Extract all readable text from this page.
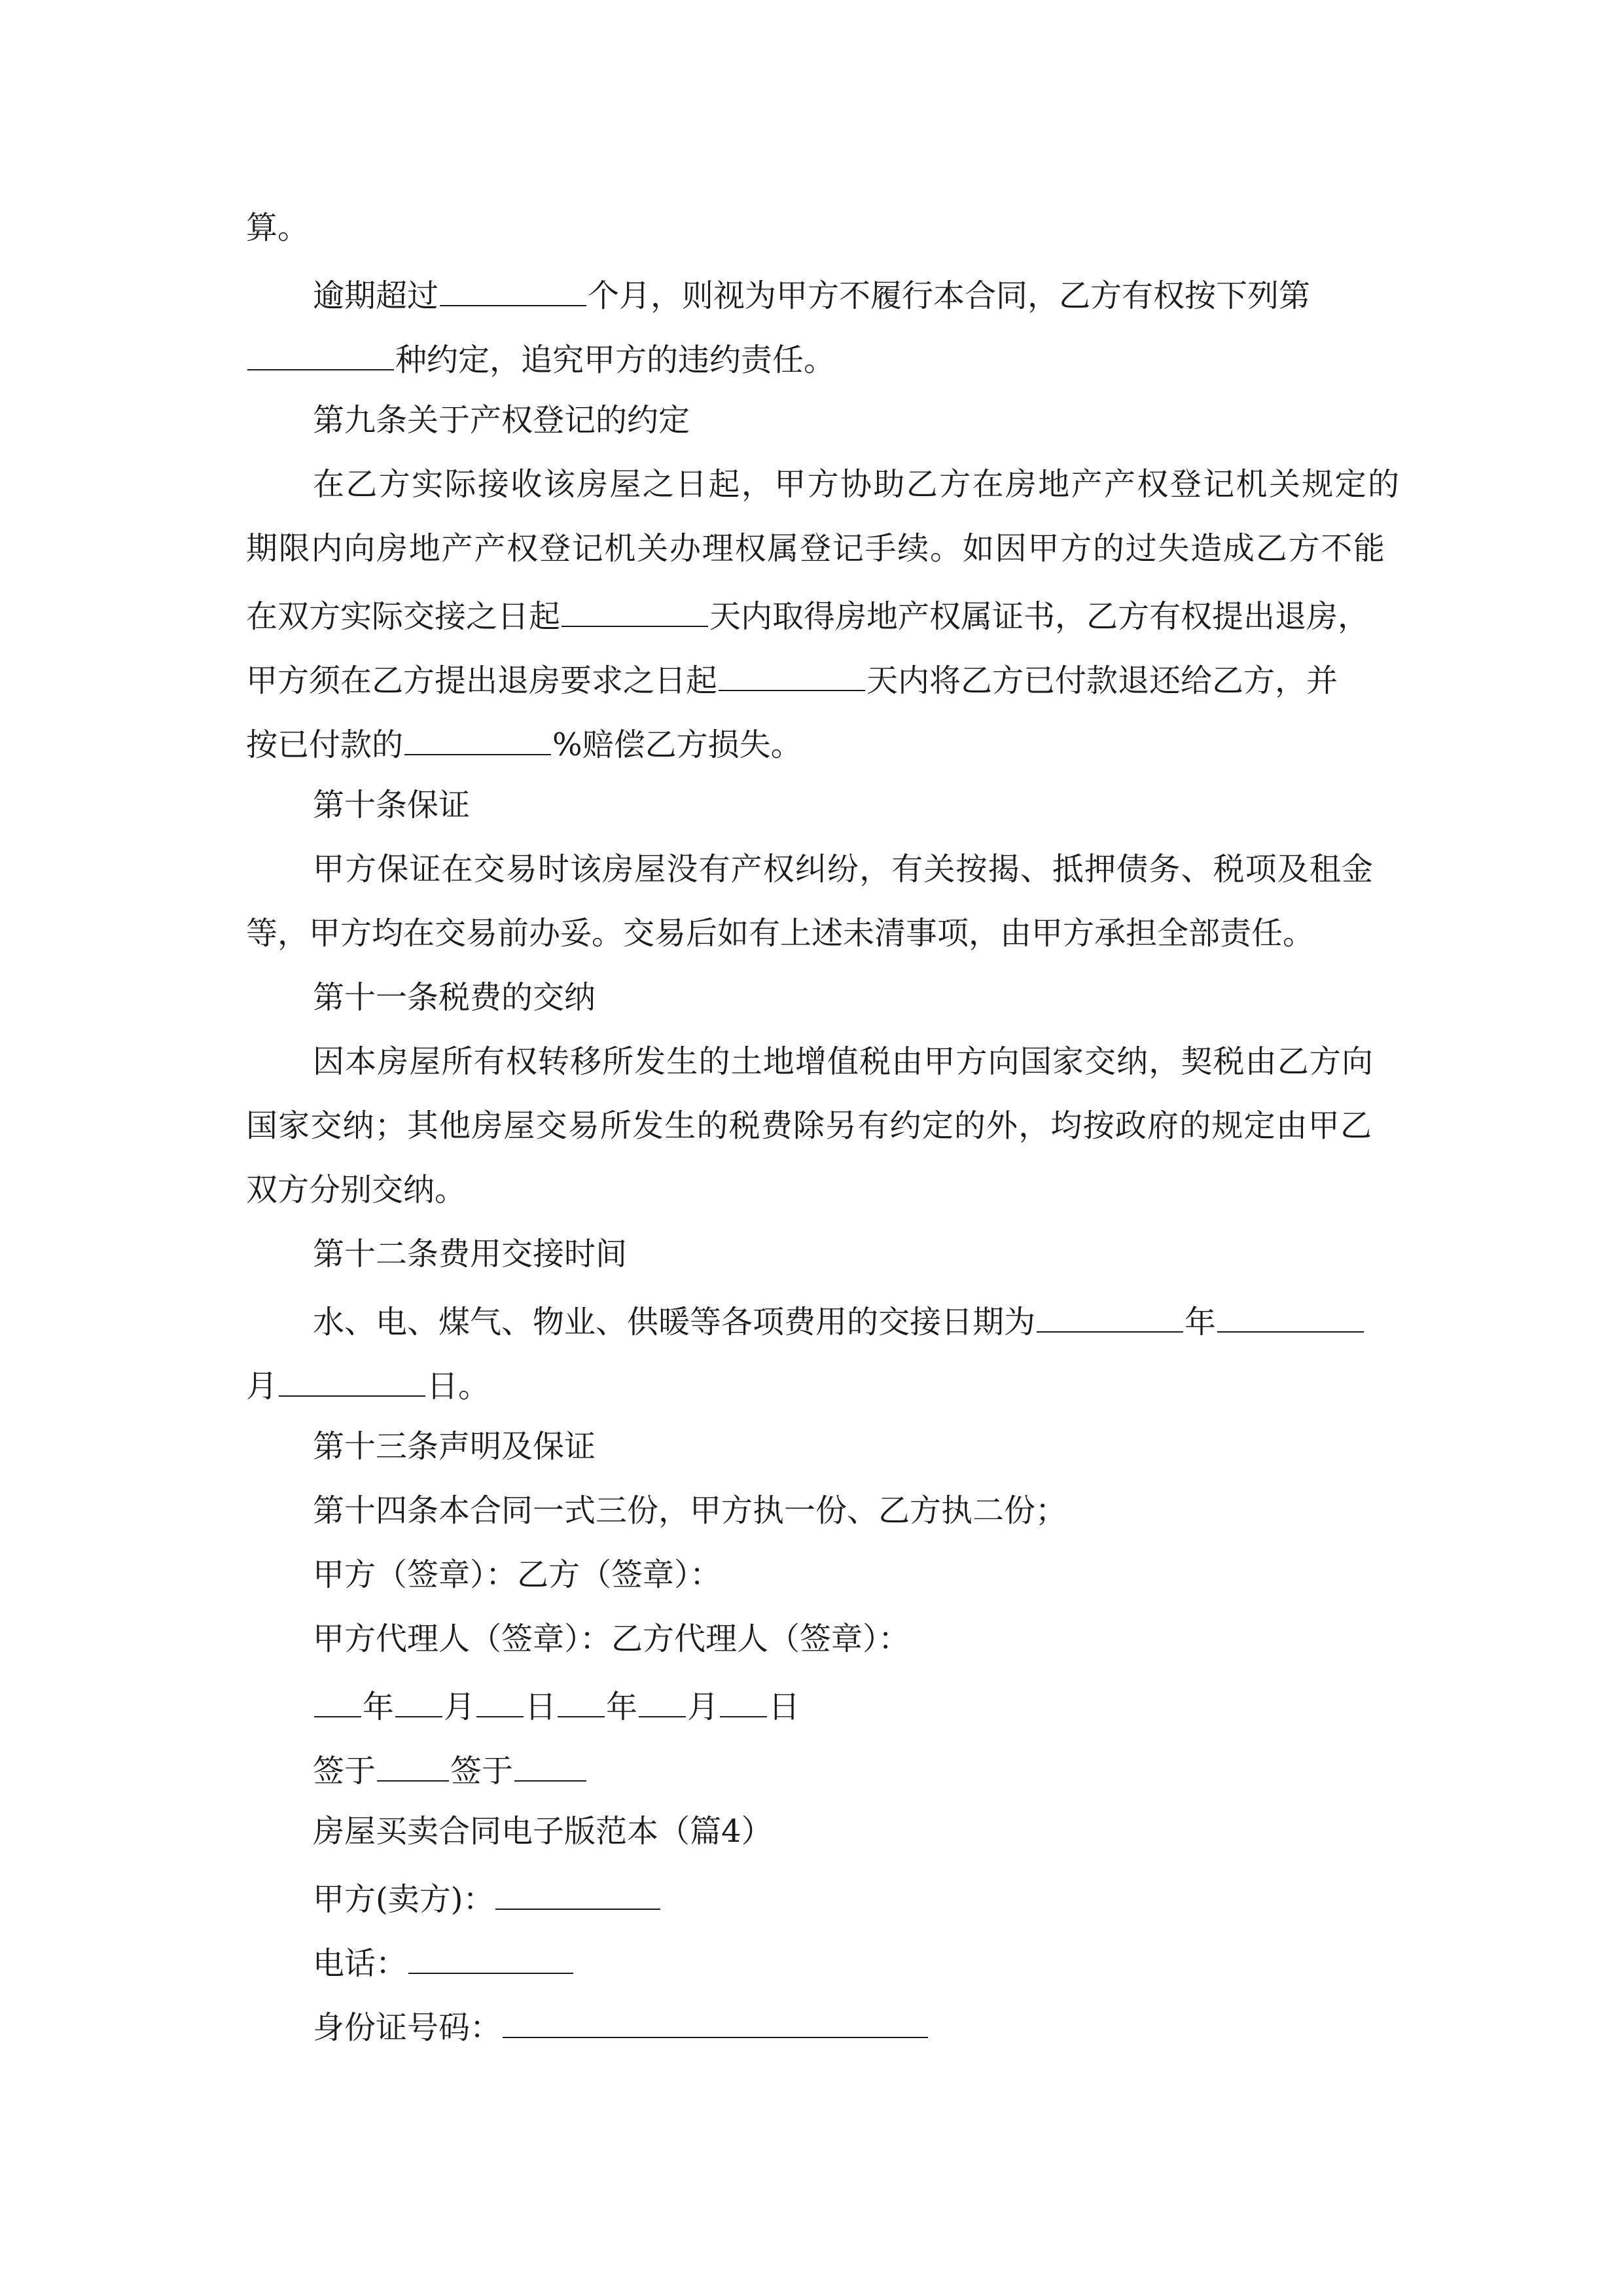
算。
逾期超过	个月，则视为甲方不履行本合同，乙方有权按下列第
种约定，追究甲方的违约责任。
第九条关于产权登记的约定
在乙方实际接收该房屋之日起，甲方协助乙方在房地产产权登记机关规定的
期限内向房地产产权登记机关办理权属登记手续。如因甲方的过失造成乙方不能
在双方实际交接之日起	天内取得房地产权属证书，乙方有权提出退房，
甲方须在乙方提出退房要求之日起	天内将乙方已付款退还给乙方，并
按已付款的	%赔偿乙方损失。
第十条保证
甲方保证在交易时该房屋没有产权纠纷，有关按揭、抵押债务、税项及租金
等，甲方均在交易前办妥。交易后如有上述未清事项，由甲方承担全部责任。
第十一条税费的交纳
因本房屋所有权转移所发生的土地增值税由甲方向国家交纳，契税由乙方向
国家交纳；其他房屋交易所发生的税费除另有约定的外，均按政府的规定由甲乙
双方分别交纳。
第十二条费用交接时间
水、电、煤气、物业、供暖等各项费用的交接日期为	年
月	日。
第十三条声明及保证
第十四条本合同一式三份，甲方执一份、乙方执二份；
甲方（签章）：乙方（签章）：
甲方代理人（签章）：乙方代理人（签章）：
年 月 日 年 月 日
签于 签于
房屋买卖合同电子版范本（篇4）
甲方(卖方)：
电话：
身份证号码：
